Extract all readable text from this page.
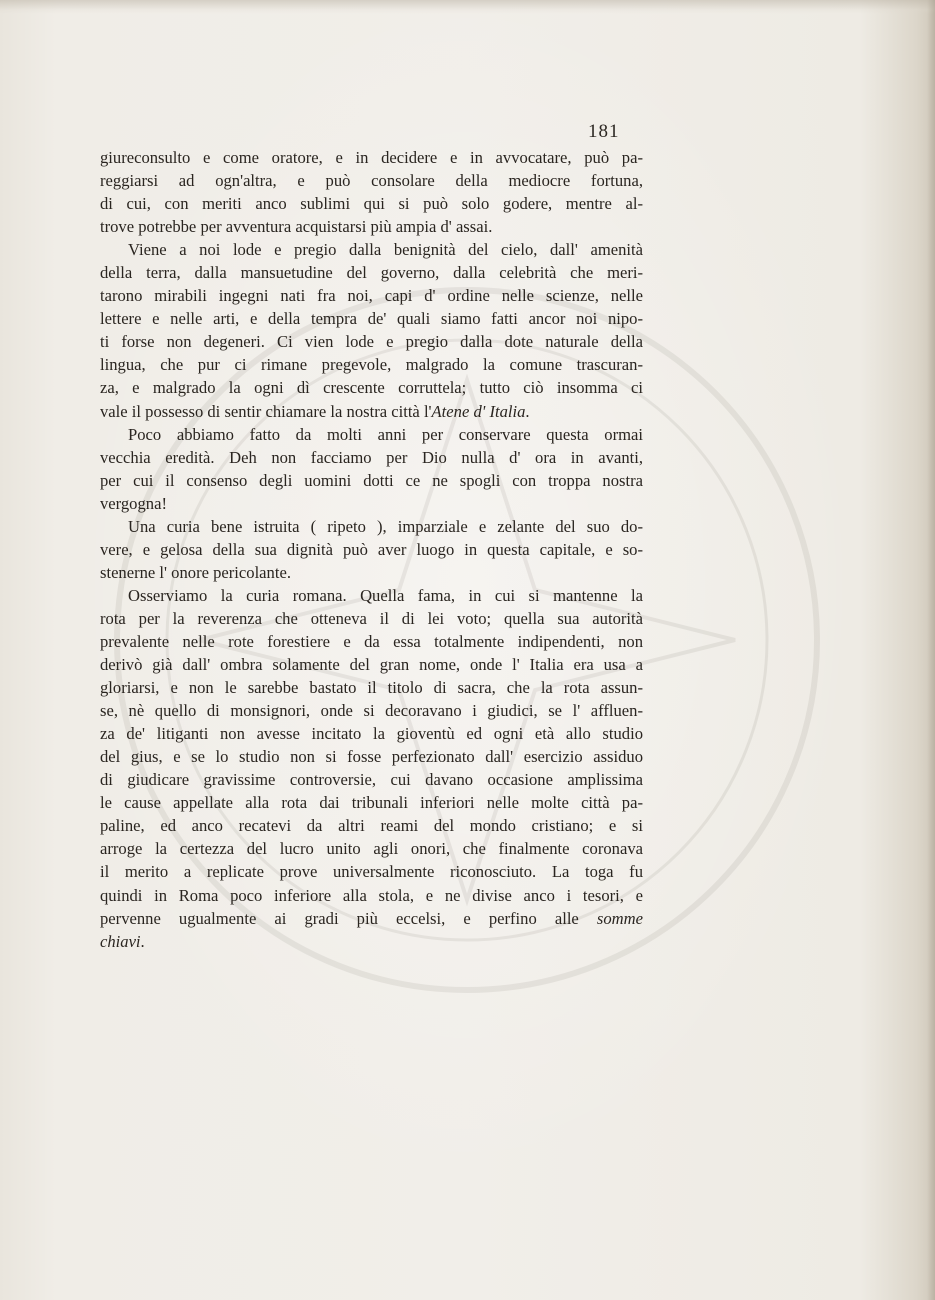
181
giureconsulto e come oratore, e in decidere e in avvocatare, può pa-
reggiarsi ad ogn'altra, e può consolare della mediocre fortuna,
di cui, con meriti anco sublimi qui si può solo godere, mentre al-
trove potrebbe per avventura acquistarsi più ampia d' assai.
Viene a noi lode e pregio dalla benignità del cielo, dall' amenità
della terra, dalla mansuetudine del governo, dalla celebrità che meri-
tarono mirabili ingegni nati fra noi, capi d' ordine nelle scienze, nelle
lettere e nelle arti, e della tempra de' quali siamo fatti ancor noi nipo-
ti forse non degeneri. Ci vien lode e pregio dalla dote naturale della
lingua, che pur ci rimane pregevole, malgrado la comune trascuran-
za, e malgrado la ogni dì crescente corruttela; tutto ciò insomma ci
vale il possesso di sentir chiamare la nostra città l'Atene d' Italia.
Poco abbiamo fatto da molti anni per conservare questa ormai
vecchia eredità. Deh non facciamo per Dio nulla d' ora in avanti,
per cui il consenso degli uomini dotti ce ne spogli con troppa nostra
vergogna!
Una curia bene istruita ( ripeto ), imparziale e zelante del suo do-
vere, e gelosa della sua dignità può aver luogo in questa capitale, e so-
stenerne l' onore pericolante.
Osserviamo la curia romana. Quella fama, in cui si mantenne la
rota per la reverenza che otteneva il di lei voto; quella sua autorità
prevalente nelle rote forestiere e da essa totalmente indipendenti, non
derivò già dall' ombra solamente del gran nome, onde l' Italia era usa a
gloriarsi, e non le sarebbe bastato il titolo di sacra, che la rota assun-
se, nè quello di monsignori, onde si decoravano i giudici, se l' affluen-
za de' litiganti non avesse incitato la gioventù ed ogni età allo studio
del gius, e se lo studio non si fosse perfezionato dall' esercizio assiduo
di giudicare gravissime controversie, cui davano occasione amplissima
le cause appellate alla rota dai tribunali inferiori nelle molte città pa-
paline, ed anco recatevi da altri reami del mondo cristiano; e si
arroge la certezza del lucro unito agli onori, che finalmente coronava
il merito a replicate prove universalmente riconosciuto. La toga fu
quindi in Roma poco inferiore alla stola, e ne divise anco i tesori, e
pervenne ugualmente ai gradi più eccelsi, e perfino alle somme
chiavi.
